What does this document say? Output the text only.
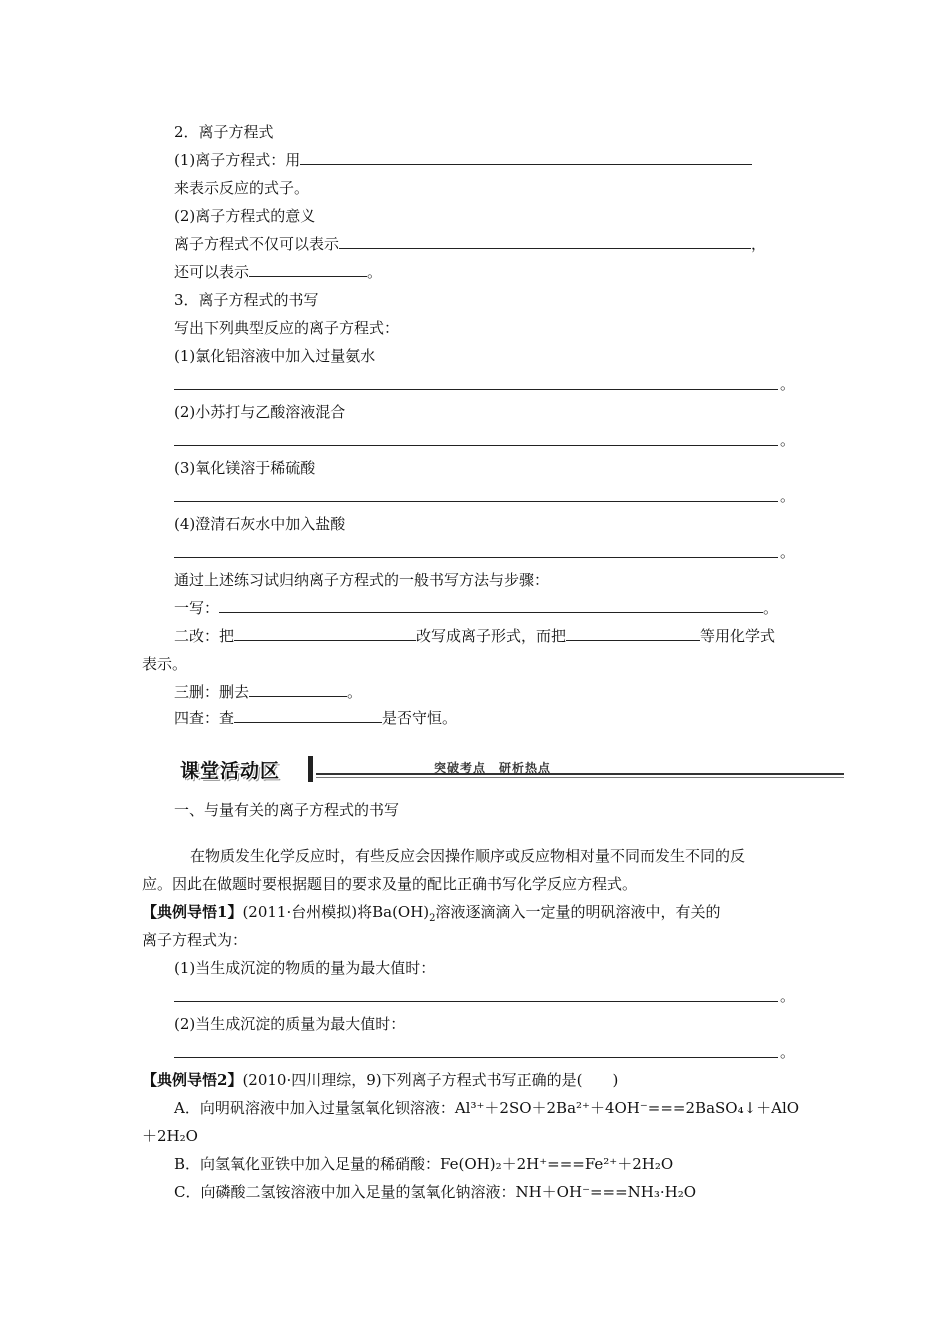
2．离子方程式
(1)离子方程式：用
来表示反应的式子。
(2)离子方程式的意义
离子方程式不仅可以表示	，
还可以表示	。
3．离子方程式的书写
写出下列典型反应的离子方程式：
(1)氯化铝溶液中加入过量氨水
。
(2)小苏打与乙酸溶液混合
。
(3)氧化镁溶于稀硫酸
。
(4)澄清石灰水中加入盐酸
。
通过上述练习试归纳离子方程式的一般书写方法与步骤：
一写：	。
二改：把	改写成离子形式，而把	等用化学式
表示。
三删：删去	。
四查：查	是否守恒。
课堂活动区	突破考点　研析热点
一、与量有关的离子方程式的书写
在物质发生化学反应时，有些反应会因操作顺序或反应物相对量不同而发生不同的反
应。因此在做题时要根据题目的要求及量的配比正确书写化学反应方程式。
【典例导悟1】(2011·台州模拟)将$Ba(OH)_2$溶液逐滴滴入一定量的明矾溶液中，有关的
离子方程式为：
(1)当生成沉淀的物质的量为最大值时：
。
(2)当生成沉淀的质量为最大值时：
。
【典例导悟2】(2010·四川理综，9)下列离子方程式书写正确的是(　　)
A．向明矾溶液中加入过量氢氧化钡溶液：Al³⁺＋2SO＋2Ba²⁺＋4OH⁻===2BaSO₄↓＋AlO
＋2H₂O
B．向氢氧化亚铁中加入足量的稀硝酸：Fe(OH)₂＋2H⁺===Fe²⁺＋2H₂O
C．向磷酸二氢铵溶液中加入足量的氢氧化钠溶液：NH＋OH⁻===NH₃·H₂O
